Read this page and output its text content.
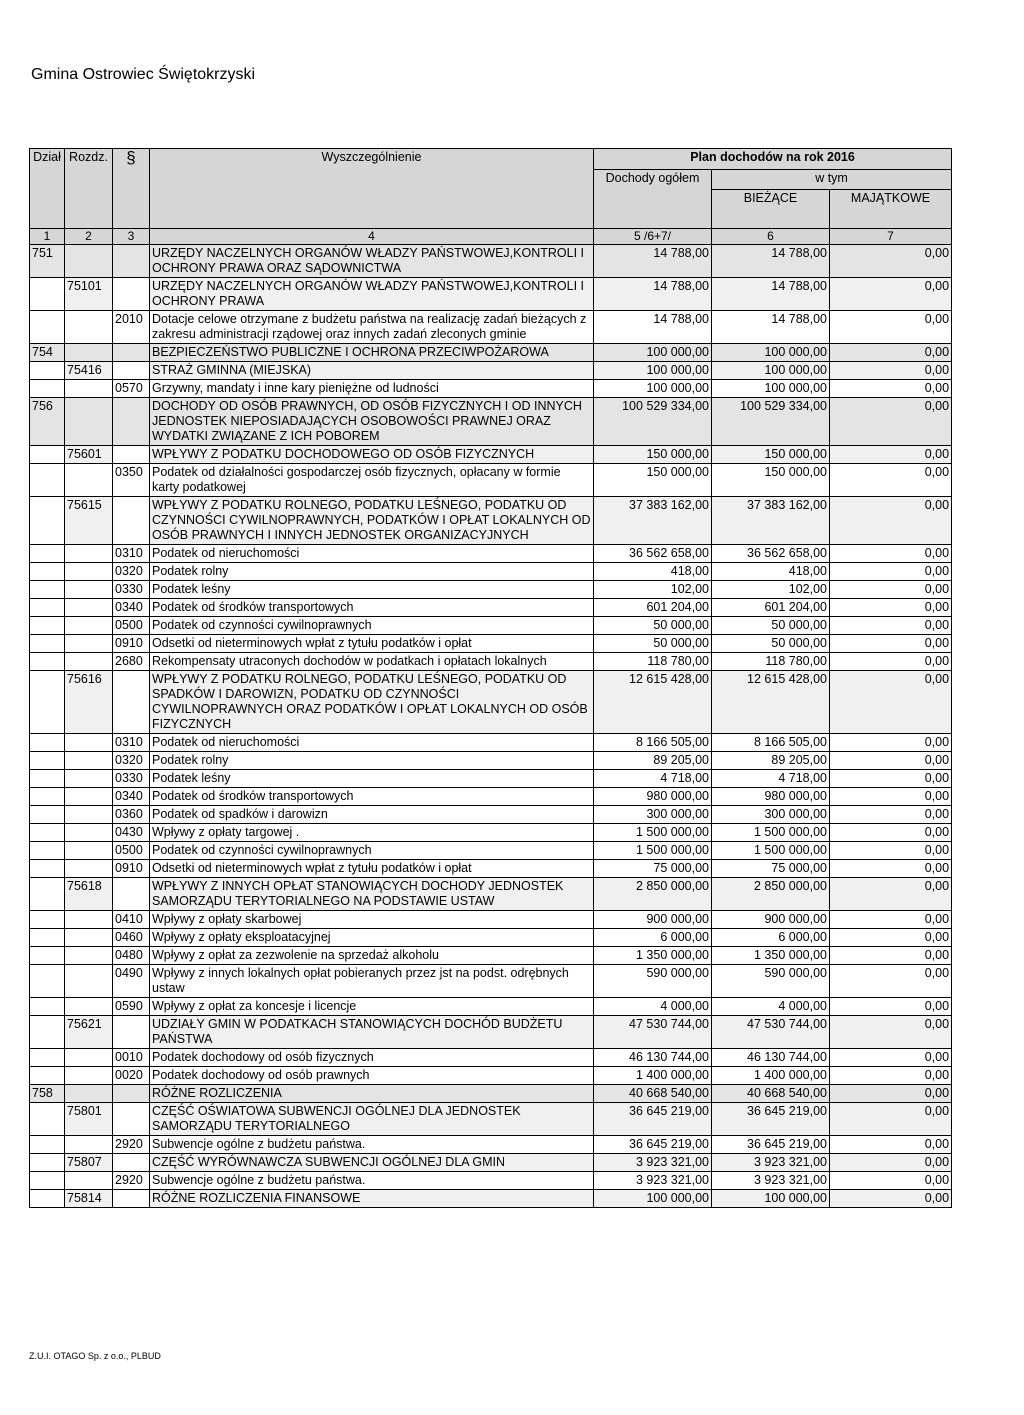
Gmina Ostrowiec Świętokrzyski
Dział	Rozdz.	§	Wyszczególnienie	Plan dochodów na rok 2016		
				Dochody ogółem	w tym	
					BIEŻĄCE	MAJĄTKOWE
1	2	3	4	5 /6+7/	6	7
751			URZĘDY NACZELNYCH ORGANÓW WŁADZY PAŃSTWOWEJ,KONTROLI I OCHRONY PRAWA ORAZ SĄDOWNICTWA	14 788,00	14 788,00	0,00
	75101		URZĘDY NACZELNYCH ORGANÓW WŁADZY PAŃSTWOWEJ,KONTROLI I OCHRONY PRAWA	14 788,00	14 788,00	0,00
		2010	Dotacje celowe otrzymane z budżetu państwa na realizację zadań bieżących z zakresu administracji rządowej oraz innych zadań zleconych gminie	14 788,00	14 788,00	0,00
754			BEZPIECZEŃSTWO PUBLICZNE I OCHRONA PRZECIWPOŻAROWA	100 000,00	100 000,00	0,00
	75416		STRAŻ GMINNA (MIEJSKA)	100 000,00	100 000,00	0,00
		0570	Grzywny, mandaty i inne kary pieniężne od ludności	100 000,00	100 000,00	0,00
756			DOCHODY OD OSÓB PRAWNYCH, OD OSÓB FIZYCZNYCH I OD INNYCH JEDNOSTEK NIEPOSIADAJĄCYCH OSOBOWOŚCI PRAWNEJ ORAZ WYDATKI ZWIĄZANE Z ICH POBOREM	100 529 334,00	100 529 334,00	0,00
	75601		WPŁYWY Z PODATKU DOCHODOWEGO OD OSÓB FIZYCZNYCH	150 000,00	150 000,00	0,00
		0350	Podatek od działalności gospodarczej osób fizycznych, opłacany w formie karty podatkowej	150 000,00	150 000,00	0,00
	75615		WPŁYWY Z PODATKU ROLNEGO, PODATKU LEŚNEGO, PODATKU OD CZYNNOŚCI CYWILNOPRAWNYCH, PODATKÓW I OPŁAT LOKALNYCH OD OSÓB PRAWNYCH I INNYCH JEDNOSTEK ORGANIZACYJNYCH	37 383 162,00	37 383 162,00	0,00
		0310	Podatek od nieruchomości	36 562 658,00	36 562 658,00	0,00
		0320	Podatek rolny	418,00	418,00	0,00
		0330	Podatek leśny	102,00	102,00	0,00
		0340	Podatek od środków transportowych	601 204,00	601 204,00	0,00
		0500	Podatek od czynności cywilnoprawnych	50 000,00	50 000,00	0,00
		0910	Odsetki od nieterminowych wpłat z tytułu podatków i opłat	50 000,00	50 000,00	0,00
		2680	Rekompensaty utraconych dochodów w podatkach i opłatach lokalnych	118 780,00	118 780,00	0,00
	75616		WPŁYWY Z PODATKU ROLNEGO, PODATKU LEŚNEGO, PODATKU OD SPADKÓW I DAROWIZN, PODATKU OD CZYNNOŚCI CYWILNOPRAWNYCH ORAZ PODATKÓW I OPŁAT LOKALNYCH OD OSÓB FIZYCZNYCH	12 615 428,00	12 615 428,00	0,00
		0310	Podatek od nieruchomości	8 166 505,00	8 166 505,00	0,00
		0320	Podatek rolny	89 205,00	89 205,00	0,00
		0330	Podatek leśny	4 718,00	4 718,00	0,00
		0340	Podatek od środków transportowych	980 000,00	980 000,00	0,00
		0360	Podatek od spadków i darowizn	300 000,00	300 000,00	0,00
		0430	Wpływy z opłaty targowej .	1 500 000,00	1 500 000,00	0,00
		0500	Podatek od czynności cywilnoprawnych	1 500 000,00	1 500 000,00	0,00
		0910	Odsetki od nieterminowych wpłat z tytułu podatków i opłat	75 000,00	75 000,00	0,00
	75618		WPŁYWY Z INNYCH OPŁAT STANOWIĄCYCH DOCHODY JEDNOSTEK SAMORZĄDU TERYTORIALNEGO NA PODSTAWIE USTAW	2 850 000,00	2 850 000,00	0,00
		0410	Wpływy z opłaty skarbowej	900 000,00	900 000,00	0,00
		0460	Wpływy z opłaty eksploatacyjnej	6 000,00	6 000,00	0,00
		0480	Wpływy z opłat za zezwolenie na sprzedaż alkoholu	1 350 000,00	1 350 000,00	0,00
		0490	Wpływy z innych lokalnych opłat pobieranych przez jst na podst. odrębnych ustaw	590 000,00	590 000,00	0,00
		0590	Wpływy z opłat za koncesje i licencje	4 000,00	4 000,00	0,00
	75621		UDZIAŁY GMIN W PODATKACH STANOWIĄCYCH DOCHÓD BUDŻETU PAŃSTWA	47 530 744,00	47 530 744,00	0,00
		0010	Podatek dochodowy od osób fizycznych	46 130 744,00	46 130 744,00	0,00
		0020	Podatek dochodowy od osób prawnych	1 400 000,00	1 400 000,00	0,00
758			RÓŻNE ROZLICZENIA	40 668 540,00	40 668 540,00	0,00
	75801		CZĘŚĆ OŚWIATOWA SUBWENCJI OGÓLNEJ DLA JEDNOSTEK SAMORZĄDU TERYTORIALNEGO	36 645 219,00	36 645 219,00	0,00
		2920	Subwencje ogólne z budżetu państwa.	36 645 219,00	36 645 219,00	0,00
	75807		CZĘŚĆ WYRÓWNAWCZA SUBWENCJI OGÓLNEJ DLA GMIN	3 923 321,00	3 923 321,00	0,00
		2920	Subwencje ogólne z budżetu państwa.	3 923 321,00	3 923 321,00	0,00
	75814		RÓŻNE ROZLICZENIA FINANSOWE	100 000,00	100 000,00	0,00
Z.U.I. OTAGO Sp. z o.o., PLBUD
